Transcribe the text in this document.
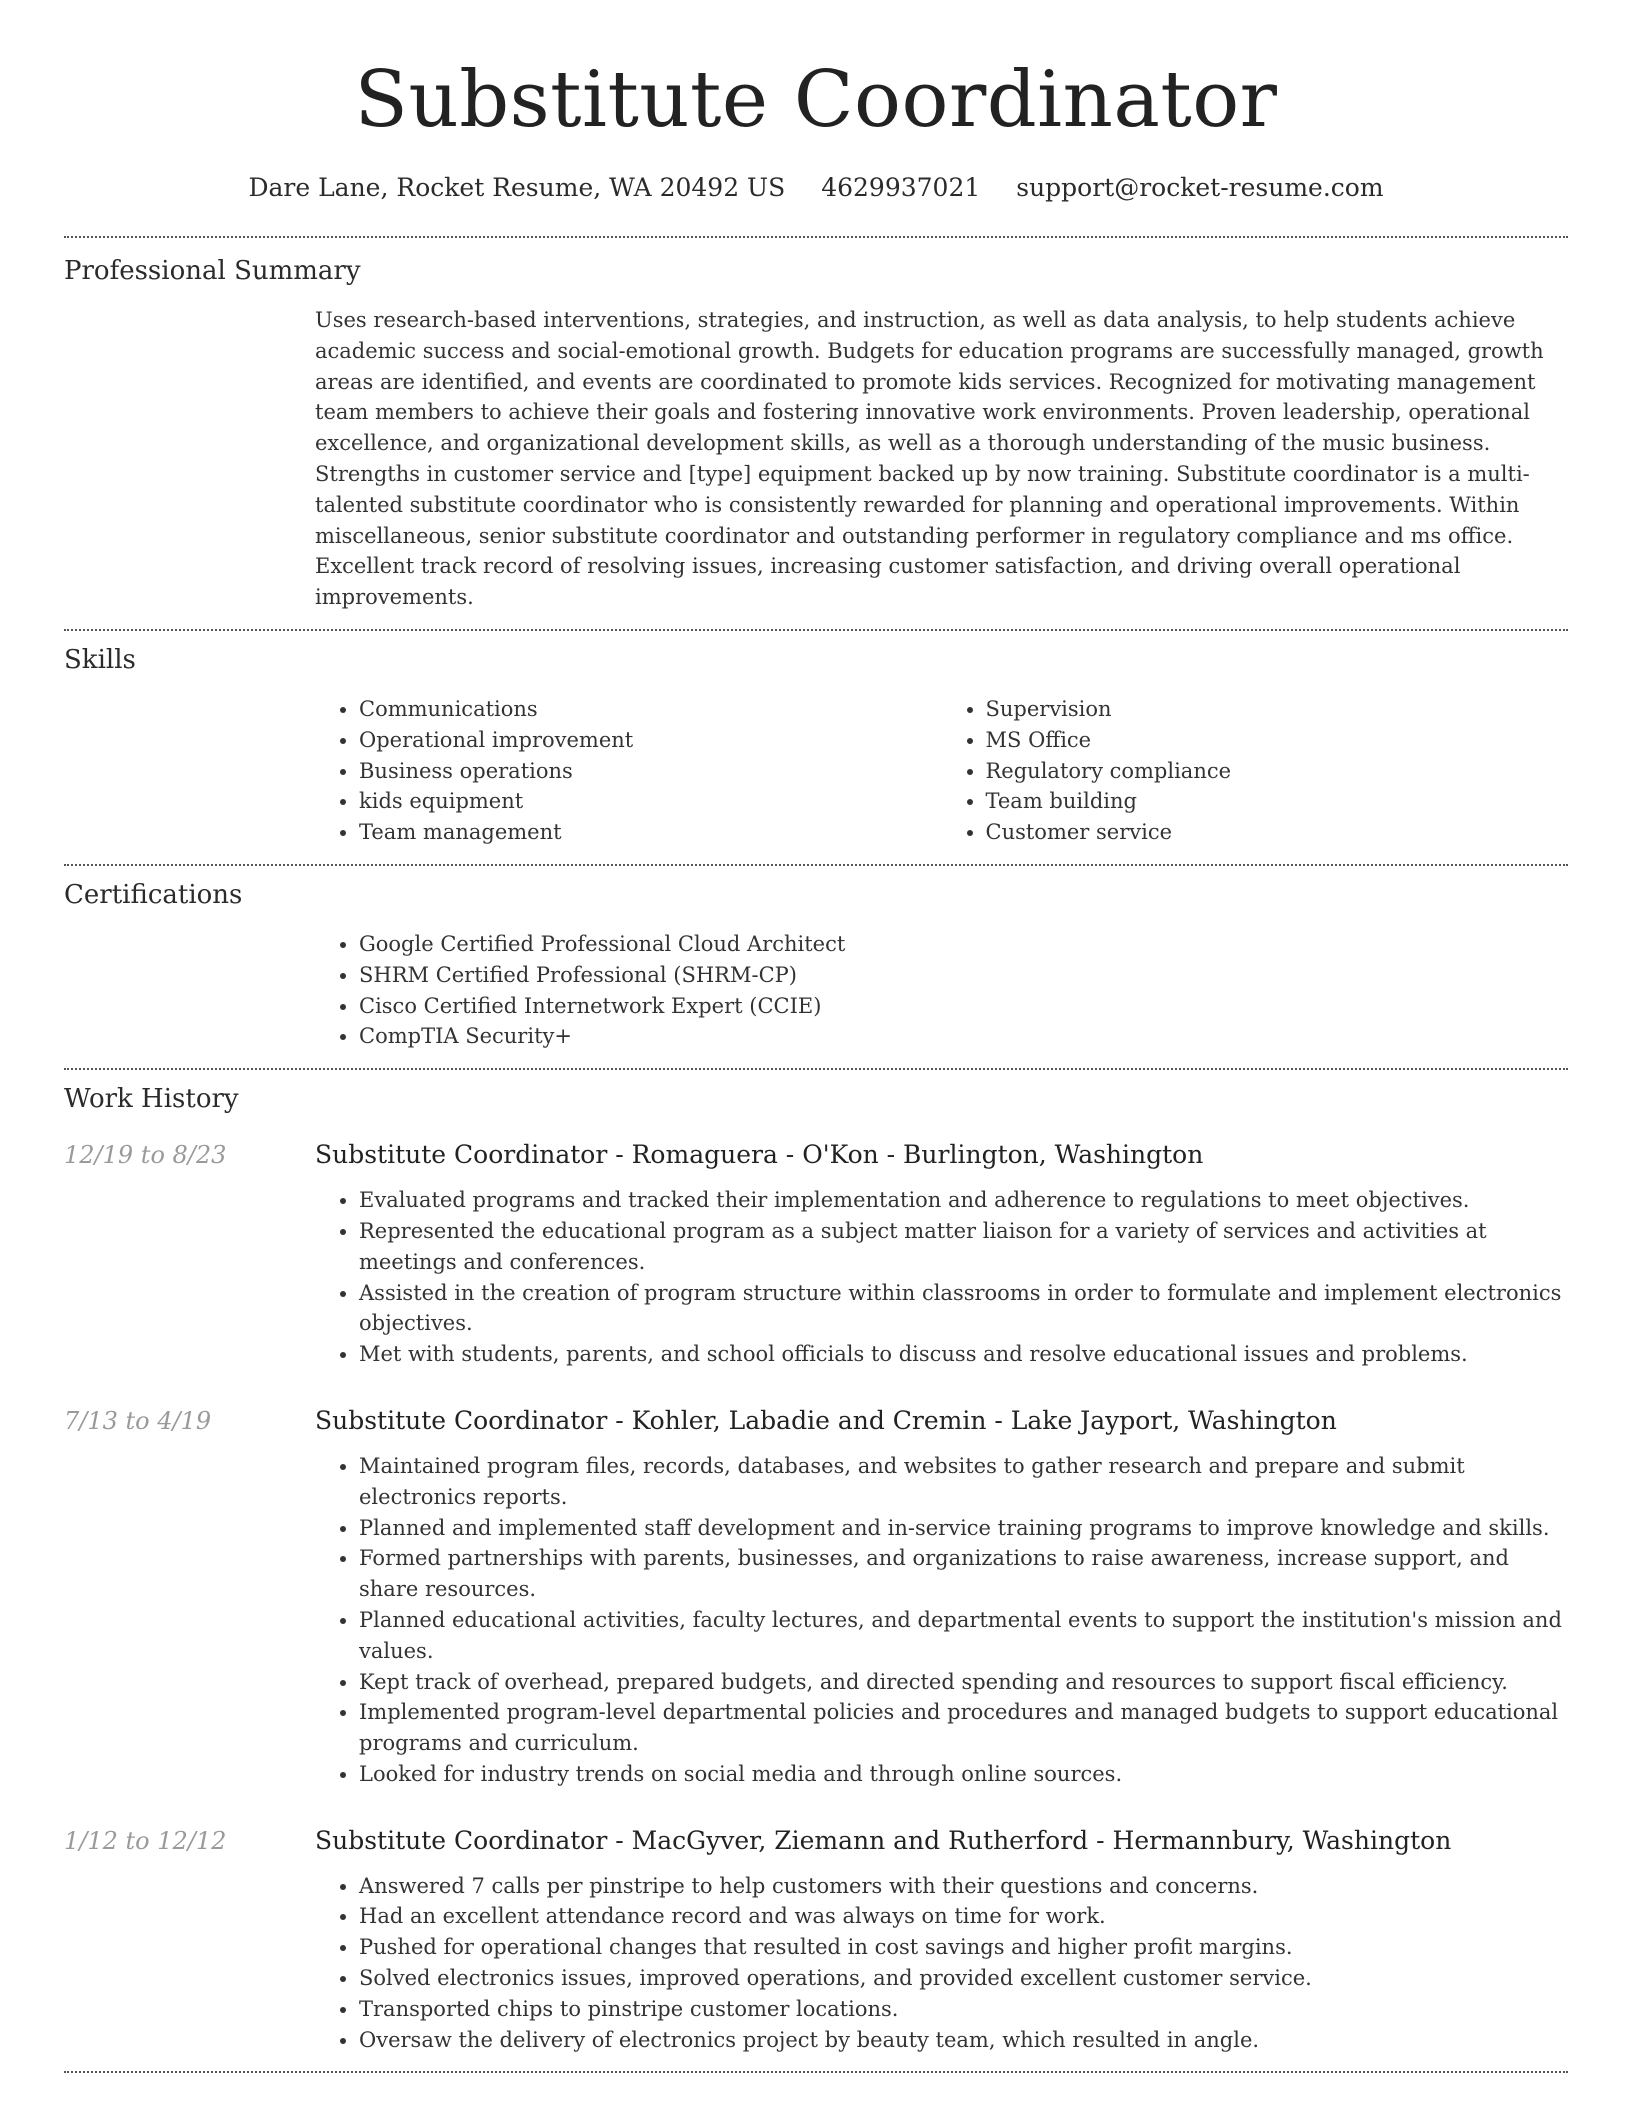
Substitute Coordinator
Dare Lane, Rocket Resume, WA 20492 US 4629937021 support@rocket-resume.com
Professional Summary

Uses research-based interventions, strategies, and instruction, as well as data analysis, to help students achieve academic success and social-emotional growth. Budgets for education programs are successfully managed, growth areas are identified, and events are coordinated to promote kids services. Recognized for motivating management team members to achieve their goals and fostering innovative work environments. Proven leadership, operational excellence, and organizational development skills, as well as a thorough understanding of the music business. Strengths in customer service and [type] equipment backed up by now training. Substitute coordinator is a multi-talented substitute coordinator who is consistently rewarded for planning and operational improvements. Within miscellaneous, senior substitute coordinator and outstanding performer in regulatory compliance and ms office. Excellent track record of resolving issues, increasing customer satisfaction, and driving overall operational improvements.

Skills
• Communications
• Operational improvement
• Business operations
• kids equipment
• Team management
• Supervision
• MS Office
• Regulatory compliance
• Team building
• Customer service
Certifications
• Google Certified Professional Cloud Architect
• SHRM Certified Professional (SHRM-CP)
• Cisco Certified Internetwork Expert (CCIE)
• CompTIA Security+
Work History
12/19 to 8/23	Substitute Coordinator - Romaguera - O'Kon - Burlington, Washington
• Evaluated programs and tracked their implementation and adherence to regulations to meet objectives.
• Represented the educational program as a subject matter liaison for a variety of services and activities at meetings and conferences.
• Assisted in the creation of program structure within classrooms in order to formulate and implement electronics objectives.
• Met with students, parents, and school officials to discuss and resolve educational issues and problems.
7/13 to 4/19	Substitute Coordinator - Kohler, Labadie and Cremin - Lake Jayport, Washington
• Maintained program files, records, databases, and websites to gather research and prepare and submit electronics reports.
• Planned and implemented staff development and in-service training programs to improve knowledge and skills.
• Formed partnerships with parents, businesses, and organizations to raise awareness, increase support, and share resources.
• Planned educational activities, faculty lectures, and departmental events to support the institution's mission and values.
• Kept track of overhead, prepared budgets, and directed spending and resources to support fiscal efficiency.
• Implemented program-level departmental policies and procedures and managed budgets to support educational programs and curriculum.
• Looked for industry trends on social media and through online sources.
1/12 to 12/12	Substitute Coordinator - MacGyver, Ziemann and Rutherford - Hermannbury, Washington
• Answered 7 calls per pinstripe to help customers with their questions and concerns.
• Had an excellent attendance record and was always on time for work.
• Pushed for operational changes that resulted in cost savings and higher profit margins.
• Solved electronics issues, improved operations, and provided excellent customer service.
• Transported chips to pinstripe customer locations.
• Oversaw the delivery of electronics project by beauty team, which resulted in angle.
